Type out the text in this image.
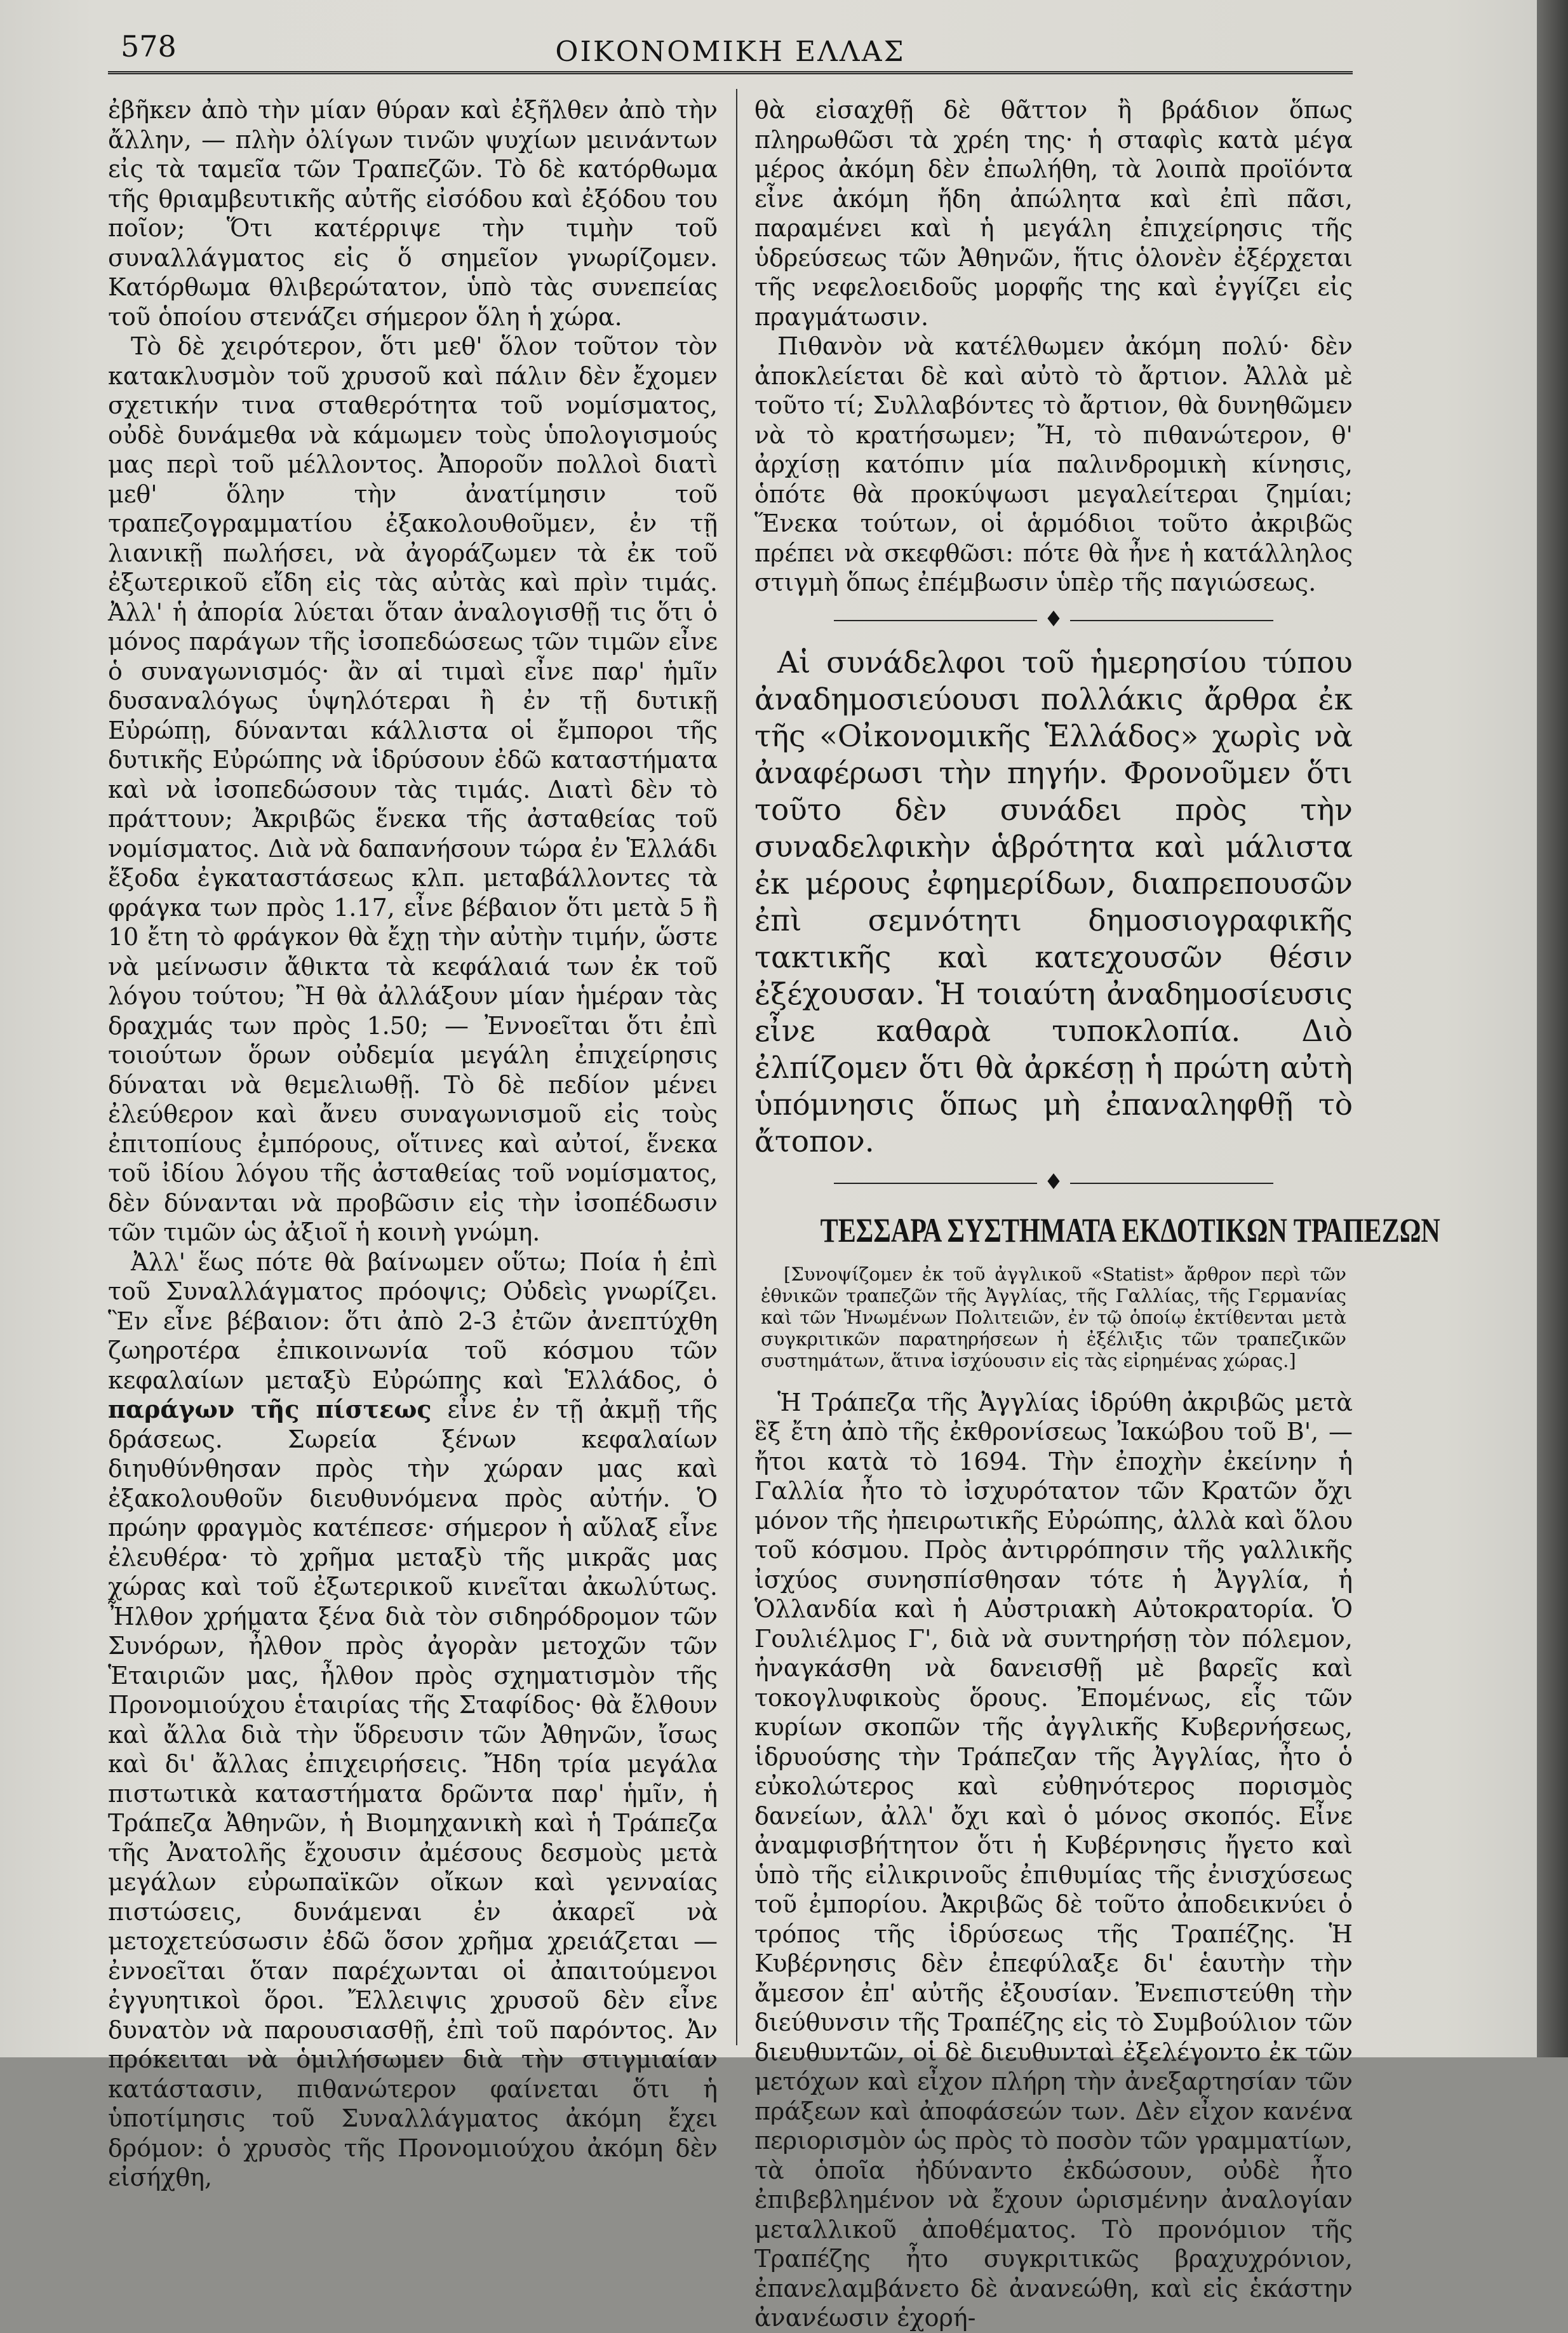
578	ΟΙΚΟΝΟΜΙΚΗ ΕΛΛΑΣ

ἐβῆκεν ἀπὸ τὴν μίαν θύραν καὶ ἐξῆλθεν ἀπὸ τὴν ἄλλην, — πλὴν ὀλίγων τινῶν ψυχίων μεινάντων εἰς τὰ ταμεῖα τῶν Τραπεζῶν. Τὸ δὲ κατόρθωμα τῆς θριαμβευτικῆς αὐτῆς εἰσόδου καὶ ἐξόδου του ποῖον; Ὅτι κατέρριψε τὴν τιμὴν τοῦ συναλλάγματος εἰς ὅ σημεῖον γνωρίζομεν. Κατόρθωμα θλιβερώτατον, ὑπὸ τὰς συνεπείας τοῦ ὁποίου στενάζει σήμερον ὅλη ἡ χώρα.

Τὸ δὲ χειρότερον, ὅτι μεθ' ὅλον τοῦτον τὸν κατακλυσμὸν τοῦ χρυσοῦ καὶ πάλιν δὲν ἔχομεν σχετικήν τινα σταθερότητα τοῦ νομίσματος, οὐδὲ δυνάμεθα νὰ κάμωμεν τοὺς ὑπολογισμούς μας περὶ τοῦ μέλλοντος. Ἀποροῦν πολλοὶ διατὶ μεθ' ὅλην τὴν ἀνατίμησιν τοῦ τραπεζογραμματίου ἐξακολουθοῦμεν, ἐν τῇ λιανικῇ πωλήσει, νὰ ἀγοράζωμεν τὰ ἐκ τοῦ ἐξωτερικοῦ εἴδη εἰς τὰς αὐτὰς καὶ πρὶν τιμάς. Ἀλλ' ἡ ἀπορία λύεται ὅταν ἀναλογισθῇ τις ὅτι ὁ μόνος παράγων τῆς ἰσοπεδώσεως τῶν τιμῶν εἶνε ὁ συναγωνισμός· ἂν αἱ τιμαὶ εἶνε παρ' ἡμῖν δυσαναλόγως ὑψηλότεραι ἢ ἐν τῇ δυτικῇ Εὐρώπῃ, δύνανται κάλλιστα οἱ ἔμποροι τῆς δυτικῆς Εὐρώπης νὰ ἱδρύσουν ἐδῶ καταστήματα καὶ νὰ ἰσοπεδώσουν τὰς τιμάς. Διατὶ δὲν τὸ πράττουν; Ἀκριβῶς ἕνεκα τῆς ἀσταθείας τοῦ νομίσματος. Διὰ νὰ δαπανήσουν τώρα ἐν Ἑλλάδι ἔξοδα ἐγκαταστάσεως κλπ. μεταβάλλοντες τὰ φράγκα των πρὸς 1.17, εἶνε βέβαιον ὅτι μετὰ 5 ἢ 10 ἔτη τὸ φράγκον θὰ ἔχῃ τὴν αὐτὴν τιμήν, ὥστε νὰ μείνωσιν ἄθικτα τὰ κεφάλαιά των ἐκ τοῦ λόγου τούτου; Ἢ θὰ ἀλλάξουν μίαν ἡμέραν τὰς δραχμάς των πρὸς 1.50; — Ἐννοεῖται ὅτι ἐπὶ τοιούτων ὅρων οὐδεμία μεγάλη ἐπιχείρησις δύναται νὰ θεμελιωθῇ. Τὸ δὲ πεδίον μένει ἐλεύθερον καὶ ἄνευ συναγωνισμοῦ εἰς τοὺς ἐπιτοπίους ἐμπόρους, οἵτινες καὶ αὐτοί, ἕνεκα τοῦ ἰδίου λόγου τῆς ἀσταθείας τοῦ νομίσματος, δὲν δύνανται νὰ προβῶσιν εἰς τὴν ἰσοπέδωσιν τῶν τιμῶν ὡς ἀξιοῖ ἡ κοινὴ γνώμη.

Ἀλλ' ἕως πότε θὰ βαίνωμεν οὕτω; Ποία ἡ ἐπὶ τοῦ Συναλλάγματος πρόοψις; Οὐδεὶς γνωρίζει. Ἓν εἶνε βέβαιον: ὅτι ἀπὸ 2-3 ἐτῶν ἀνεπτύχθη ζωηροτέρα ἐπικοινωνία τοῦ κόσμου τῶν κεφαλαίων μεταξὺ Εὐρώπης καὶ Ἑλλάδος, ὁ παράγων τῆς πίστεως εἶνε ἐν τῇ ἀκμῇ τῆς δράσεως. Σωρεία ξένων κεφαλαίων διηυθύνθησαν πρὸς τὴν χώραν μας καὶ ἐξακολουθοῦν διευθυνόμενα πρὸς αὐτήν. Ὁ πρώην φραγμὸς κατέπεσε· σήμερον ἡ αὔλαξ εἶνε ἐλευθέρα· τὸ χρῆμα μεταξὺ τῆς μικρᾶς μας χώρας καὶ τοῦ ἐξωτερικοῦ κινεῖται ἀκωλύτως. Ἦλθον χρήματα ξένα διὰ τὸν σιδηρόδρομον τῶν Συνόρων, ἦλθον πρὸς ἀγορὰν μετοχῶν τῶν Ἑταιριῶν μας, ἦλθον πρὸς σχηματισμὸν τῆς Προνομιούχου ἑταιρίας τῆς Σταφίδος· θὰ ἔλθουν καὶ ἄλλα διὰ τὴν ὕδρευσιν τῶν Ἀθηνῶν, ἴσως καὶ δι' ἄλλας ἐπιχειρήσεις. Ἤδη τρία μεγάλα πιστωτικὰ καταστήματα δρῶντα παρ' ἡμῖν, ἡ Τράπεζα Ἀθηνῶν, ἡ Βιομηχανικὴ καὶ ἡ Τράπεζα τῆς Ἀνατολῆς ἔχουσιν ἀμέσους δεσμοὺς μετὰ μεγάλων εὐρωπαϊκῶν οἴκων καὶ γενναίας πιστώσεις, δυνάμεναι ἐν ἀκαρεῖ νὰ μετοχετεύσωσιν ἐδῶ ὅσον χρῆμα χρειάζεται — ἐννοεῖται ὅταν παρέχωνται οἱ ἀπαιτούμενοι ἐγγυητικοὶ ὅροι. Ἔλλειψις χρυσοῦ δὲν εἶνε δυνατὸν νὰ παρουσιασθῇ, ἐπὶ τοῦ παρόντος. Ἀν πρόκειται νὰ ὁμιλήσωμεν διὰ τὴν στιγμιαίαν κατάστασιν, πιθανώτερον φαίνεται ὅτι ἡ ὑποτίμησις τοῦ Συναλλάγματος ἀκόμη ἔχει δρόμον: ὁ χρυσὸς τῆς Προνομιούχου ἀκόμη δὲν εἰσήχθη,

θὰ εἰσαχθῇ δὲ θᾶττον ἢ βράδιον ὅπως πληρωθῶσι τὰ χρέη της· ἡ σταφὶς κατὰ μέγα μέρος ἀκόμη δὲν ἐπωλήθη, τὰ λοιπὰ προϊόντα εἶνε ἀκόμη ἤδη ἀπώλητα καὶ ἐπὶ πᾶσι, παραμένει καὶ ἡ μεγάλη ἐπιχείρησις τῆς ὑδρεύσεως τῶν Ἀθηνῶν, ἥτις ὁλονὲν ἐξέρχεται τῆς νεφελοειδοῦς μορφῆς της καὶ ἐγγίζει εἰς πραγμάτωσιν.

Πιθανὸν νὰ κατέλθωμεν ἀκόμη πολύ· δὲν ἀποκλείεται δὲ καὶ αὐτὸ τὸ ἄρτιον. Ἀλλὰ μὲ τοῦτο τί; Συλλαβόντες τὸ ἄρτιον, θὰ δυνηθῶμεν νὰ τὸ κρατήσωμεν; Ἤ, τὸ πιθανώτερον, θ' ἀρχίσῃ κατόπιν μία παλινδρομικὴ κίνησις, ὁπότε θὰ προκύψωσι μεγαλείτεραι ζημίαι; Ἕνεκα τούτων, οἱ ἁρμόδιοι τοῦτο ἀκριβῶς πρέπει νὰ σκεφθῶσι: πότε θὰ ἦνε ἡ κατάλληλος στιγμὴ ὅπως ἐπέμβωσιν ὑπὲρ τῆς παγιώσεως.

♦

Αἱ συνάδελφοι τοῦ ἡμερησίου τύπου ἀναδημοσιεύουσι πολλάκις ἄρθρα ἐκ τῆς «Οἰκονομικῆς Ἑλλάδος» χωρὶς νὰ ἀναφέρωσι τὴν πηγήν. Φρονοῦμεν ὅτι τοῦτο δὲν συνάδει πρὸς τὴν συναδελφικὴν ἁβρότητα καὶ μάλιστα ἐκ μέρους ἐφημερίδων, διαπρεπουσῶν ἐπὶ σεμνότητι δημοσιογραφικῆς τακτικῆς καὶ κατεχουσῶν θέσιν ἐξέχουσαν. Ἡ τοιαύτη ἀναδημοσίευσις εἶνε καθαρὰ τυποκλοπία. Διὸ ἐλπίζομεν ὅτι θὰ ἀρκέσῃ ἡ πρώτη αὐτὴ ὑπόμνησις ὅπως μὴ ἐπαναληφθῇ τὸ ἄτοπον.

♦
ΤΕΣΣΑΡΑ ΣΥΣΤΗΜΑΤΑ ΕΚΔΟΤΙΚΩΝ ΤΡΑΠΕΖΩΝ

[Συνοψίζομεν ἐκ τοῦ ἀγγλικοῦ «Statist» ἄρθρον περὶ τῶν ἐθνικῶν τραπεζῶν τῆς Ἀγγλίας, τῆς Γαλλίας, τῆς Γερμανίας καὶ τῶν Ἡνωμένων Πολιτειῶν, ἐν τῷ ὁποίῳ ἐκτίθενται μετὰ συγκριτικῶν παρατηρήσεων ἡ ἐξέλιξις τῶν τραπεζικῶν συστημάτων, ἅτινα ἰσχύουσιν εἰς τὰς εἰρημένας χώρας.]

Ἡ Τράπεζα τῆς Ἀγγλίας ἱδρύθη ἀκριβῶς μετὰ ἓξ ἔτη ἀπὸ τῆς ἐκθρονίσεως Ἰακώβου τοῦ Β', — ἤτοι κατὰ τὸ 1694. Τὴν ἐποχὴν ἐκείνην ἡ Γαλλία ἦτο τὸ ἰσχυρότατον τῶν Κρατῶν ὄχι μόνον τῆς ἠπειρωτικῆς Εὐρώπης, ἀλλὰ καὶ ὅλου τοῦ κόσμου. Πρὸς ἀντιρρόπησιν τῆς γαλλικῆς ἰσχύος συνησπίσθησαν τότε ἡ Ἀγγλία, ἡ Ὁλλανδία καὶ ἡ Αὐστριακὴ Αὐτοκρατορία. Ὁ Γουλιέλμος Γ', διὰ νὰ συντηρήσῃ τὸν πόλεμον, ἠναγκάσθη νὰ δανεισθῇ μὲ βαρεῖς καὶ τοκογλυφικοὺς ὅρους. Ἐπομένως, εἷς τῶν κυρίων σκοπῶν τῆς ἀγγλικῆς Κυβερνήσεως, ἱδρυούσης τὴν Τράπεζαν τῆς Ἀγγλίας, ἦτο ὁ εὐκολώτερος καὶ εὐθηνότερος πορισμὸς δανείων, ἀλλ' ὄχι καὶ ὁ μόνος σκοπός. Εἶνε ἀναμφισβήτητον ὅτι ἡ Κυβέρνησις ἤγετο καὶ ὑπὸ τῆς εἰλικρινοῦς ἐπιθυμίας τῆς ἐνισχύσεως τοῦ ἐμπορίου. Ἀκριβῶς δὲ τοῦτο ἀποδεικνύει ὁ τρόπος τῆς ἱδρύσεως τῆς Τραπέζης. Ἡ Κυβέρνησις δὲν ἐπεφύλαξε δι' ἑαυτὴν τὴν ἄμεσον ἐπ' αὐτῆς ἐξουσίαν. Ἐνεπιστεύθη τὴν διεύθυνσιν τῆς Τραπέζης εἰς τὸ Συμβούλιον τῶν διευθυντῶν, οἱ δὲ διευθυνταὶ ἐξελέγοντο ἐκ τῶν μετόχων καὶ εἶχον πλήρη τὴν ἀνεξαρτησίαν τῶν πράξεων καὶ ἀποφάσεών των. Δὲν εἶχον κανένα περιορισμὸν ὡς πρὸς τὸ ποσὸν τῶν γραμματίων, τὰ ὁποῖα ἠδύναντο ἐκδώσουν, οὐδὲ ἦτο ἐπιβεβλημένον νὰ ἔχουν ὡρισμένην ἀναλογίαν μεταλλικοῦ ἀποθέματος. Τὸ προνόμιον τῆς Τραπέζης ἦτο συγκριτικῶς βραχυχρόνιον, ἐπανελαμβάνετο δὲ ἀνανεώθη, καὶ εἰς ἑκάστην ἀνανέωσιν ἐχορή-
